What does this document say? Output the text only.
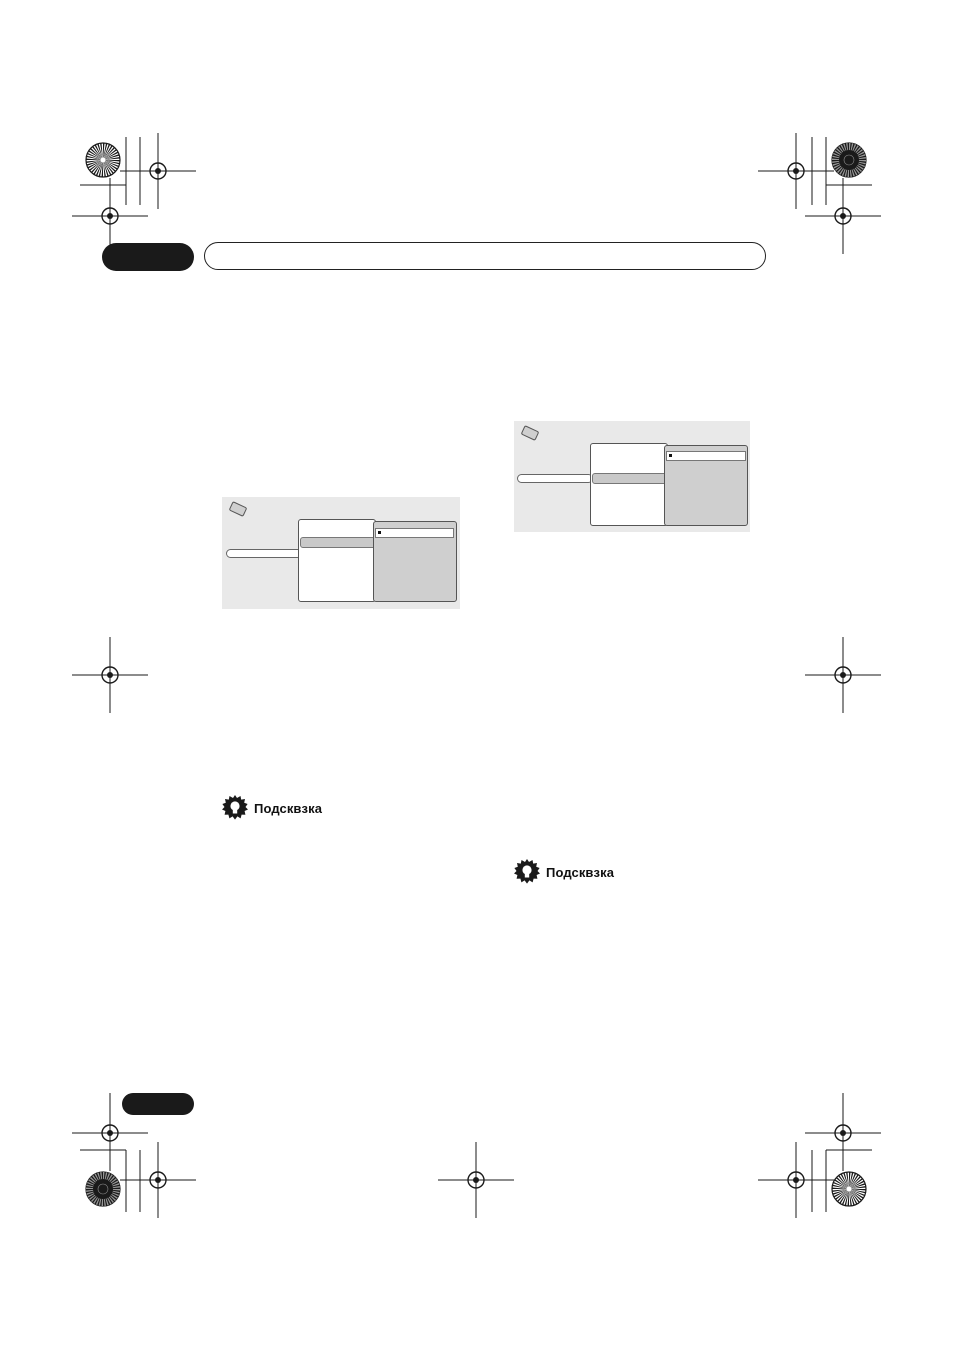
Подсквзка
Подсквзка
